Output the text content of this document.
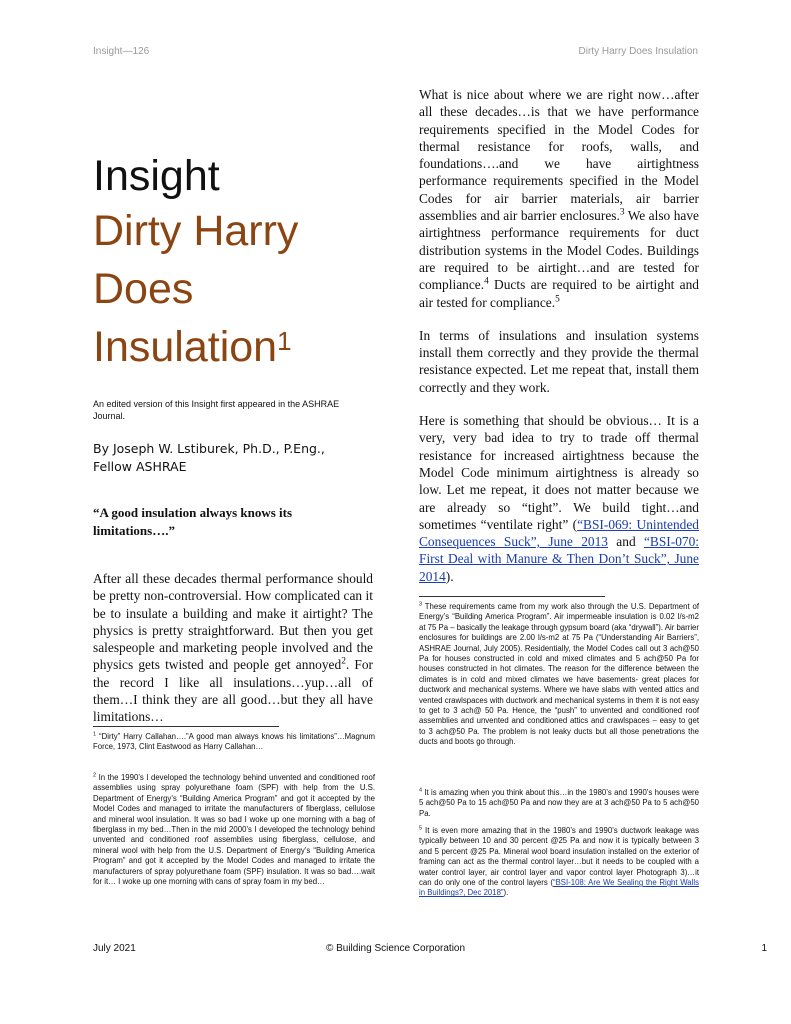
Insight—126	Dirty Harry Does Insulation
Insight
Dirty Harry
Does
Insulation$^1$
An edited version of this Insight first appeared in the ASHRAE Journal.
By Joseph W. Lstiburek, Ph.D., P.Eng.,
Fellow ASHRAE
“A good insulation always knows its limitations….”

After all these decades thermal performance should be pretty non-controversial. How complicated can it be to insulate a building and make it airtight? The physics is pretty straightforward. But then you get salespeople and marketing people involved and the physics gets twisted and people get annoyed$^2$. For the record I like all insulations…yup…all of them…I think they are all good…but they all have limitations…

What is nice about where we are right now…after all these decades…is that we have performance requirements specified in the Model Codes for thermal resistance for roofs, walls, and foundations….and we have airtightness performance requirements specified in the Model Codes for air barrier materials, air barrier assemblies and air barrier enclosures.$^3$ We also have airtightness performance requirements for duct distribution systems in the Model Codes. Buildings are required to be airtight…and are tested for compliance.$^4$ Ducts are required to be airtight and air tested for compliance.$^5$

In terms of insulations and insulation systems install them correctly and they provide the thermal resistance expected. Let me repeat that, install them correctly and they work.

Here is something that should be obvious… It is a very, very bad idea to try to trade off thermal resistance for increased airtightness because the Model Code minimum airtightness is already so low. Let me repeat, it does not matter because we are already so “tight”. We build tight…and sometimes “ventilate right” (“BSI-069: Unintended Consequences Suck”, June 2013 and “BSI-070: First Deal with Manure & Then Don’t Suck”, June 2014).

$^1$ “Dirty” Harry Callahan….”A good man always knows his limitations”…Magnum Force, 1973, Clint Eastwood as Harry Callahan…

$^2$ In the 1990’s I developed the technology behind unvented and conditioned roof assemblies using spray polyurethane foam (SPF) with help from the U.S. Department of Energy’s “Building America Program” and got it accepted by the Model Codes and managed to irritate the manufacturers of fiberglass, cellulose and mineral wool insulation. It was so bad I woke up one morning with a bag of fiberglass in my bed…Then in the mid 2000’s I developed the technology behind unvented and conditioned roof assemblies using fiberglass, cellulose, and mineral wool with help from the U.S. Department of Energy’s “Building America Program” and got it accepted by the Model Codes and managed to irritate the manufacturers of spray polyurethane foam (SPF) insulation. It was so bad….wait for it… I woke up one morning with cans of spray foam in my bed…

$^3$ These requirements came from my work also through the U.S. Department of Energy’s “Building America Program”. Air impermeable insulation is 0.02 l/s-m2 at 75 Pa – basically the leakage through gypsum board (aka “drywall”). Air barrier enclosures for buildings are 2.00 l/s-m2 at 75 Pa (“Understanding Air Barriers”, ASHRAE Journal, July 2005). Residentially, the Model Codes call out 3 ach@50 Pa for houses constructed in cold and mixed climates and 5 ach@50 Pa for houses constructed in hot climates. The reason for the difference between the climates is in cold and mixed climates we have basements- great places for ductwork and mechanical systems. Where we have slabs with vented attics and vented crawlspaces with ductwork and mechanical systems in them it is not easy to get to 3 ach@ 50 Pa. Hence, the “push” to unvented and conditioned roof assemblies and unvented and conditioned attics and crawlspaces – easy to get to 3 ach@50 Pa. The problem is not leaky ducts but all those penetrations the ducts and boots go through.

$^4$ It is amazing when you think about this…in the 1980’s and 1990’s houses were 5 ach@50 Pa to 15 ach@50 Pa and now they are at 3 ach@50 Pa to 5 ach@50 Pa.

$^5$ It is even more amazing that in the 1980’s and 1990’s ductwork leakage was typically between 10 and 30 percent @25 Pa and now it is typically between 3 and 5 percent @25 Pa. Mineral wool board insulation installed on the exterior of framing can act as the thermal control layer…but it needs to be coupled with a water control layer, air control layer and vapor control layer Photograph 3)…it can do only one of the control layers (“BSI-108: Are We Sealing the Right Walls in Buildings?, Dec 2018”).

July 2021	© Building Science Corporation	1
